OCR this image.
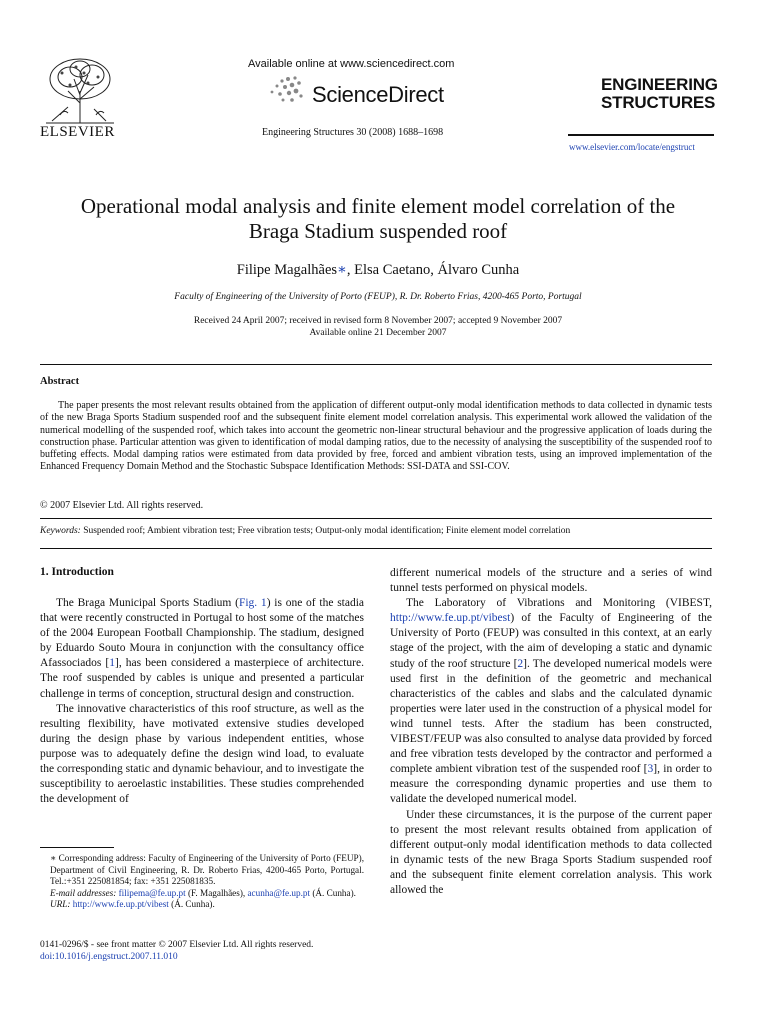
ELSEVIER
Available online at www.sciencedirect.com
ScienceDirect
Engineering Structures 30 (2008) 1688–1698
ENGINEERING
STRUCTURES
www.elsevier.com/locate/engstruct
Operational modal analysis and finite element model correlation of the
Braga Stadium suspended roof
Filipe Magalhães∗, Elsa Caetano, Álvaro Cunha
Faculty of Engineering of the University of Porto (FEUP), R. Dr. Roberto Frias, 4200-465 Porto, Portugal
Received 24 April 2007; received in revised form 8 November 2007; accepted 9 November 2007
Available online 21 December 2007
Abstract

The paper presents the most relevant results obtained from the application of different output-only modal identification methods to data collected in dynamic tests of the new Braga Sports Stadium suspended roof and the subsequent finite element model correlation analysis. This experimental work allowed the validation of the numerical modelling of the suspended roof, which takes into account the geometric non-linear structural behaviour and the progressive application of loads during the construction phase. Particular attention was given to identification of modal damping ratios, due to the necessity of analysing the susceptibility of the suspended roof to buffeting effects. Modal damping ratios were estimated from data provided by free, forced and ambient vibration tests, using an improved implementation of the Enhanced Frequency Domain Method and the Stochastic Subspace Identification Methods: SSI-DATA and SSI-COV.

© 2007 Elsevier Ltd. All rights reserved.
Keywords: Suspended roof; Ambient vibration test; Free vibration tests; Output-only modal identification; Finite element model correlation
1. Introduction

The Braga Municipal Sports Stadium (Fig. 1) is one of the stadia that were recently constructed in Portugal to host some of the matches of the 2004 European Football Championship. The stadium, designed by Eduardo Souto Moura in conjunction with the consultancy office Afassociados [1], has been considered a masterpiece of architecture. The roof suspended by cables is unique and presented a particular challenge in terms of conception, structural design and construction.

The innovative characteristics of this roof structure, as well as the resulting flexibility, have motivated extensive studies developed during the design phase by various independent entities, whose purpose was to adequately define the design wind load, to evaluate the corresponding static and dynamic behaviour, and to investigate the susceptibility to aeroelastic instabilities. These studies comprehended the development of

∗ Corresponding address: Faculty of Engineering of the University of Porto (FEUP), Department of Civil Engineering, R. Dr. Roberto Frias, 4200-465 Porto, Portugal. Tel.:+351 225081854; fax: +351 225081835.

E-mail addresses: filipema@fe.up.pt (F. Magalhães), acunha@fe.up.pt (Á. Cunha).

URL: http://www.fe.up.pt/vibest (Á. Cunha).

0141-0296/$ - see front matter © 2007 Elsevier Ltd. All rights reserved.
doi:10.1016/j.engstruct.2007.11.010

different numerical models of the structure and a series of wind tunnel tests performed on physical models.

The Laboratory of Vibrations and Monitoring (VIBEST, http://www.fe.up.pt/vibest) of the Faculty of Engineering of the University of Porto (FEUP) was consulted in this context, at an early stage of the project, with the aim of developing a static and dynamic study of the roof structure [2]. The developed numerical models were used first in the definition of the geometric and mechanical characteristics of the cables and slabs and the calculated dynamic properties were later used in the construction of a physical model for wind tunnel tests. After the stadium has been constructed, VIBEST/FEUP was also consulted to analyse data provided by forced and free vibration tests developed by the contractor and performed a complete ambient vibration test of the suspended roof [3], in order to measure the corresponding dynamic properties and use them to validate the developed numerical model.

Under these circumstances, it is the purpose of the current paper to present the most relevant results obtained from application of different output-only modal identification methods to data collected in dynamic tests of the new Braga Sports Stadium suspended roof and the subsequent finite element correlation analysis. This work allowed the
